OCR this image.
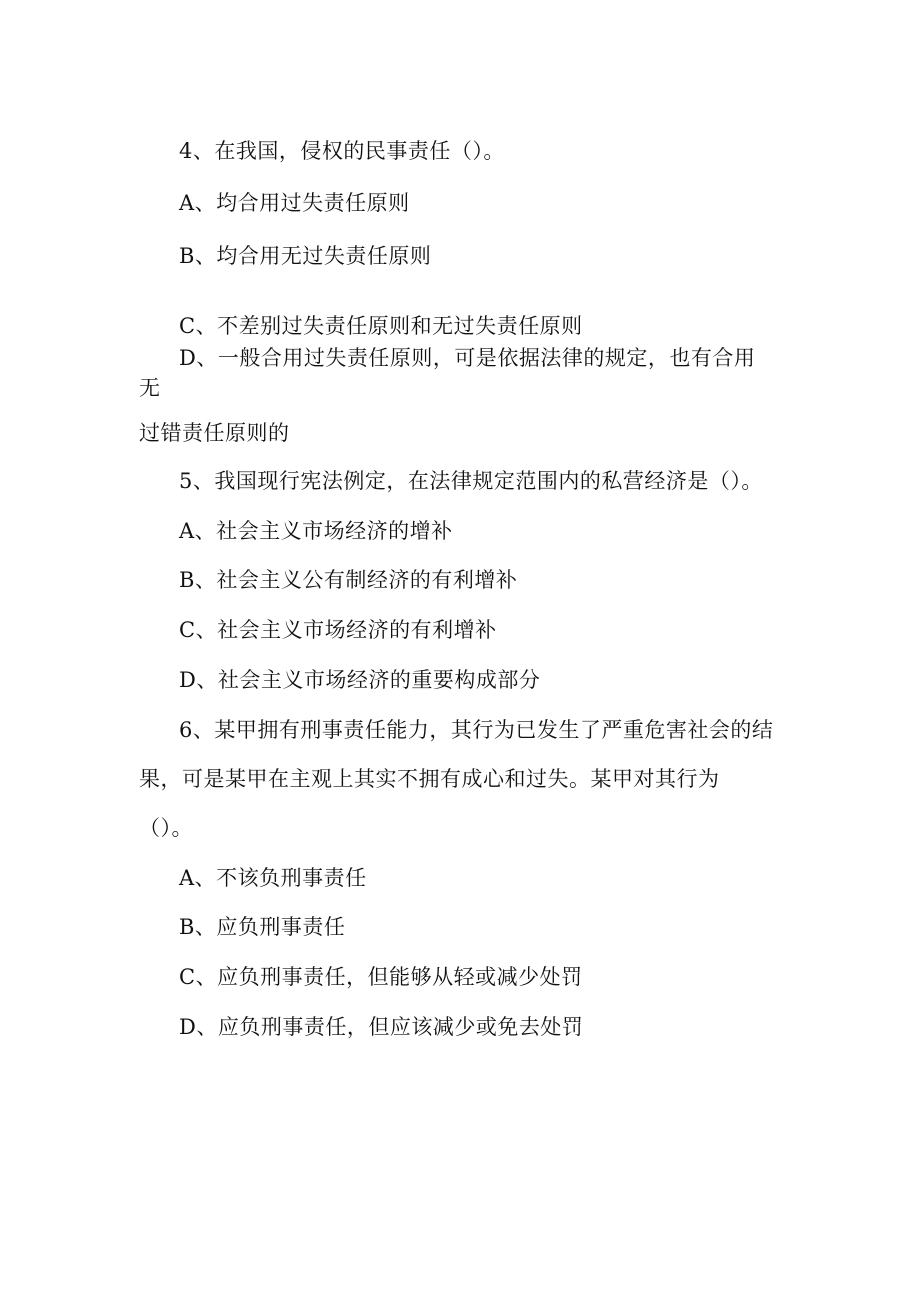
4、在我国，侵权的民事责任（）。
A、均合用过失责任原则
B、均合用无过失责任原则
C、不差别过失责任原则和无过失责任原则
D、一般合用过失责任原则，可是依据法律的规定，也有合用
无
过错责任原则的
5、我国现行宪法例定，在法律规定范围内的私营经济是（）。
A、社会主义市场经济的增补
B、社会主义公有制经济的有利增补
C、社会主义市场经济的有利增补
D、社会主义市场经济的重要构成部分
6、某甲拥有刑事责任能力，其行为已发生了严重危害社会的结
果，可是某甲在主观上其实不拥有成心和过失。某甲对其行为
（）。
A、不该负刑事责任
B、应负刑事责任
C、应负刑事责任，但能够从轻或减少处罚
D、应负刑事责任，但应该减少或免去处罚
